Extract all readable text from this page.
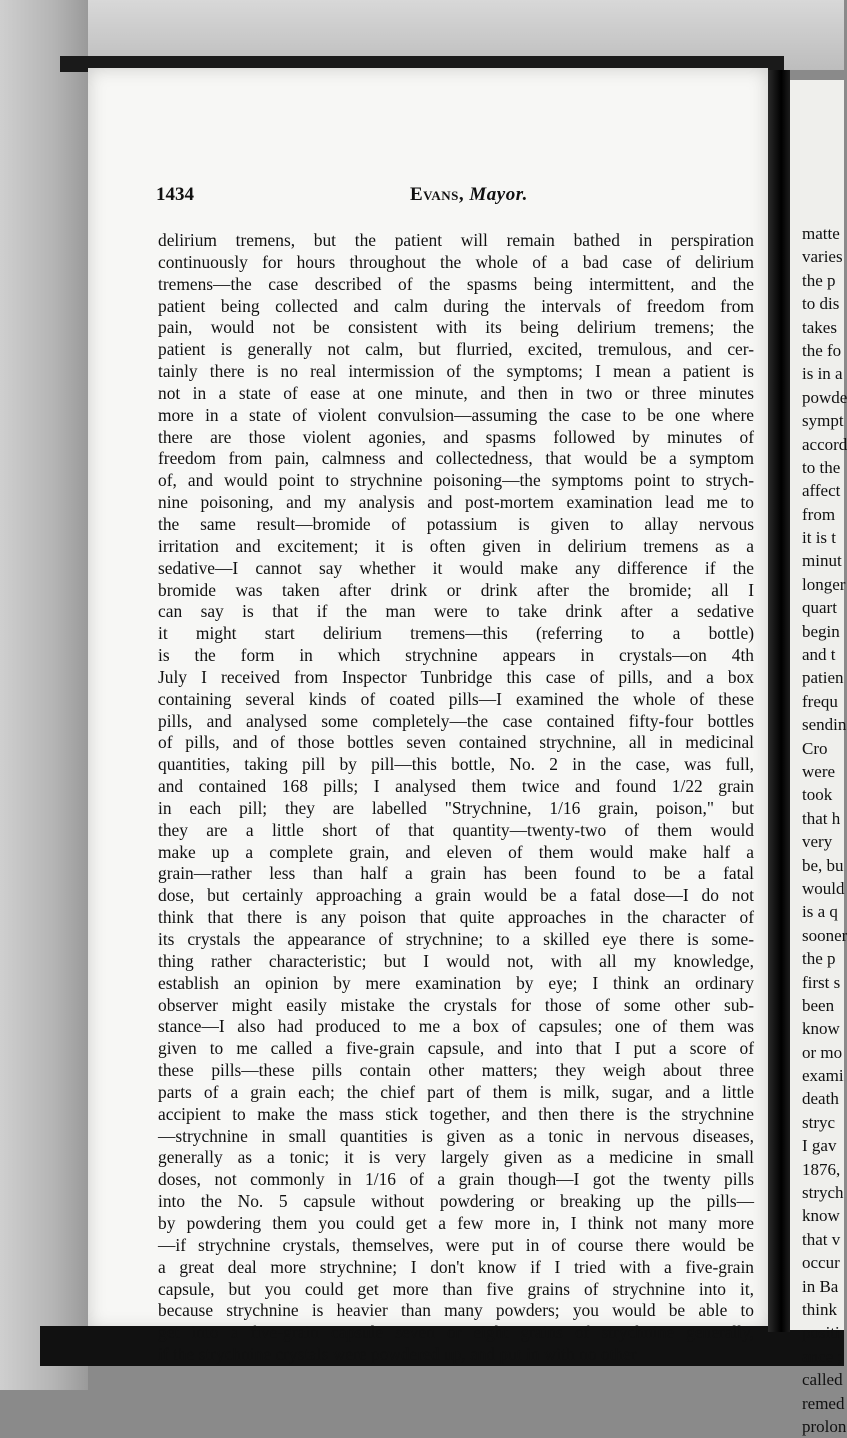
matte
varies
the p
to dis
takes
the fo
is in a
powde
sympt
accord
to the
affect
from
it is t
minut
longer
quart
begin
and t
patien
frequ
sendin
Cro
were
took
that h
very
be, bu
would
is a q
sooner
the p
first s
been
know
or mo
exami
death
stryc
I gav
1876,
strych
know
that v
occur
in Ba
think
positi
ance ;
called
remed
prolon
1434	Evans, Mayor.
delirium tremens, but the patient will remain bathed in perspiration
continuously for hours throughout the whole of a bad case of delirium
tremens—the case described of the spasms being intermittent, and the
patient being collected and calm during the intervals of freedom from
pain, would not be consistent with its being delirium tremens; the
patient is generally not calm, but flurried, excited, tremulous, and cer-
tainly there is no real intermission of the symptoms; I mean a patient is
not in a state of ease at one minute, and then in two or three minutes
more in a state of violent convulsion—assuming the case to be one where
there are those violent agonies, and spasms followed by minutes of
freedom from pain, calmness and collectedness, that would be a symptom
of, and would point to strychnine poisoning—the symptoms point to strych-
nine poisoning, and my analysis and post-mortem examination lead me to
the same result—bromide of potassium is given to allay nervous
irritation and excitement; it is often given in delirium tremens as a
sedative—I cannot say whether it would make any difference if the
bromide was taken after drink or drink after the bromide; all I
can say is that if the man were to take drink after a sedative
it might start delirium tremens—this (referring to a bottle)
is the form in which strychnine appears in crystals—on 4th
July I received from Inspector Tunbridge this case of pills, and a box
containing several kinds of coated pills—I examined the whole of these
pills, and analysed some completely—the case contained fifty-four bottles
of pills, and of those bottles seven contained strychnine, all in medicinal
quantities, taking pill by pill—this bottle, No. 2 in the case, was full,
and contained 168 pills; I analysed them twice and found 1/22 grain
in each pill; they are labelled "Strychnine, 1/16 grain, poison," but
they are a little short of that quantity—twenty-two of them would
make up a complete grain, and eleven of them would make half a
grain—rather less than half a grain has been found to be a fatal
dose, but certainly approaching a grain would be a fatal dose—I do not
think that there is any poison that quite approaches in the character of
its crystals the appearance of strychnine; to a skilled eye there is some-
thing rather characteristic; but I would not, with all my knowledge,
establish an opinion by mere examination by eye; I think an ordinary
observer might easily mistake the crystals for those of some other sub-
stance—I also had produced to me a box of capsules; one of them was
given to me called a five-grain capsule, and into that I put a score of
these pills—these pills contain other matters; they weigh about three
parts of a grain each; the chief part of them is milk, sugar, and a little
accipient to make the mass stick together, and then there is the strychnine
—strychnine in small quantities is given as a tonic in nervous diseases,
generally as a tonic; it is very largely given as a medicine in small
doses, not commonly in 1/16 of a grain though—I got the twenty pills
into the No. 5 capsule without powdering or breaking up the pills—
by powdering them you could get a few more in, I think not many more
—if strychnine crystals, themselves, were put in of course there would be
a great deal more strychnine; I don't know if I tried with a five-grain
capsule, but you could get more than five grains of strychnine into it,
because strychnine is heavier than many powders; you would be able to
get into a five-grain capsule seven or eight grains of strychnine generally,
if the strychnine crystals were powdered up, and put in with no other
